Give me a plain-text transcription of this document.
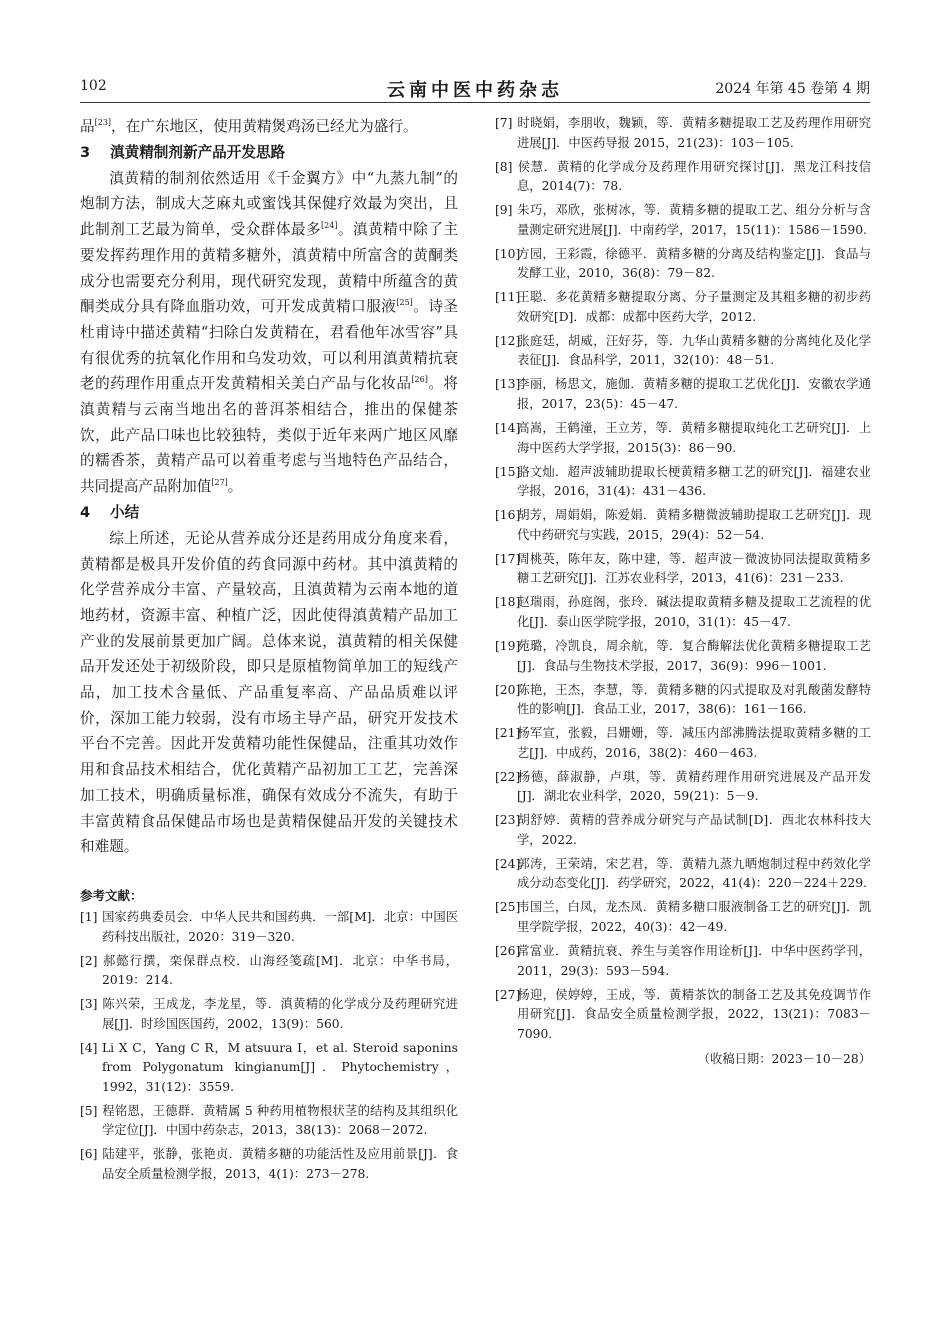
102	云南中医中药杂志	2024 年第 45 卷第 4 期

品[23]，在广东地区，使用黄精煲鸡汤已经尤为盛行。

3 滇黄精制剂新产品开发思路

滇黄精的制剂依然适用《千金翼方》中“九蒸九制”的炮制方法，制成大芝麻丸或蜜饯其保健疗效最为突出，且此制剂工艺最为简单，受众群体最多[24]。滇黄精中除了主要发挥药理作用的黄精多糖外，滇黄精中所富含的黄酮类成分也需要充分利用，现代研究发现，黄精中所蕴含的黄酮类成分具有降血脂功效，可开发成黄精口服液[25]。诗圣杜甫诗中描述黄精“扫除白发黄精在，君看他年冰雪容”具有很优秀的抗氧化作用和乌发功效，可以利用滇黄精抗衰老的药理作用重点开发黄精相关美白产品与化妆品[26]。将滇黄精与云南当地出名的普洱茶相结合，推出的保健茶饮，此产品口味也比较独特，类似于近年来两广地区风靡的糯香茶，黄精产品可以着重考虑与当地特色产品结合，共同提高产品附加值[27]。

4 小结

综上所述，无论从营养成分还是药用成分角度来看，黄精都是极具开发价值的药食同源中药材。其中滇黄精的化学营养成分丰富、产量较高，且滇黄精为云南本地的道地药材，资源丰富、种植广泛，因此使得滇黄精产品加工产业的发展前景更加广阔。总体来说，滇黄精的相关保健品开发还处于初级阶段，即只是原植物简单加工的短线产品，加工技术含量低、产品重复率高、产品品质难以评价，深加工能力较弱，没有市场主导产品，研究开发技术平台不完善。因此开发黄精功能性保健品，注重其功效作用和食品技术相结合，优化黄精产品初加工工艺，完善深加工技术，明确质量标准，确保有效成分不流失，有助于丰富黄精食品保健品市场也是黄精保健品开发的关键技术和难题。

参考文献：

[1] 国家药典委员会．中华人民共和国药典．一部[M]．北京：中国医药科技出版社，2020：319－320.

[2] 郝懿行撰，栾保群点校．山海经笺疏[M]．北京：中华书局，2019：214.

[3] 陈兴荣，王成龙，李龙星，等．滇黄精的化学成分及药理研究进展[J]．时珍国医国药，2002，13(9)：560.

[4] Li X C，Yang C R，M atsuura I，et al. Steroid saponins from Polygonatum kingianum[J]．Phytochemistry，1992，31(12)：3559.

[5] 程铭恩，王德群．黄精属 5 种药用植物根状茎的结构及其组织化学定位[J]．中国中药杂志，2013，38(13)：2068－2072.

[6] 陆建平，张静，张艳贞．黄精多糖的功能活性及应用前景[J]．食品安全质量检测学报，2013，4(1)：273－278.

[7] 时晓娟，李朋收，魏颖，等．黄精多糖提取工艺及药理作用研究进展[J]．中医药导报 2015，21(23)：103－105.

[8] 侯慧．黄精的化学成分及药理作用研究探讨[J]．黑龙江科技信息，2014(7)：78.

[9] 朱巧，邓欣，张树冰，等．黄精多糖的提取工艺、组分分析与含量测定研究进展[J]．中南药学，2017，15(11)：1586－1590.

[10]方园，王彩霞，徐德平．黄精多糖的分离及结构鉴定[J]．食品与发酵工业，2010，36(8)：79－82.

[11]王聪．多花黄精多糖提取分离、分子量测定及其粗多糖的初步药效研究[D]．成都：成都中医药大学，2012.

[12]张庭廷，胡威，汪好芬，等．九华山黄精多糖的分离纯化及化学表征[J]．食品科学，2011，32(10)：48－51.

[13]李丽，杨思文，施伽．黄精多糖的提取工艺优化[J]．安徽农学通报，2017，23(5)：45－47.

[14]高嵩，王鹤潼，王立芳，等．黄精多糖提取纯化工艺研究[J]．上海中医药大学学报，2015(3)：86－90.

[15]骆文灿．超声波辅助提取长梗黄精多糖工艺的研究[J]．福建农业学报，2016，31(4)：431－436.

[16]胡芳，周娟娟，陈爱娟．黄精多糖微波辅助提取工艺研究[J]．现代中药研究与实践，2015，29(4)：52－54.

[17]周桃英，陈年友，陈中建，等．超声波－微波协同法提取黄精多糖工艺研究[J]．江苏农业科学，2013，41(6)：231－233.

[18]赵瑞雨，孙庭阁，张玲．碱法提取黄精多糖及提取工艺流程的优化[J]．泰山医学院学报，2010，31(1)：45－47.

[19]苑璐，冷凯良，周余航，等．复合酶解法优化黄精多糖提取工艺[J]．食品与生物技术学报，2017，36(9)：996－1001.

[20]陈艳，王杰，李慧，等．黄精多糖的闪式提取及对乳酸菌发酵特性的影响[J]．食品工业，2017，38(6)：161－166.

[21]杨军宣，张毅，吕姗姗，等．减压内部沸腾法提取黄精多糖的工艺[J]．中成药，2016，38(2)：460－463.

[22]杨德，薛淑静，卢琪，等．黄精药理作用研究进展及产品开发[J]．湖北农业科学，2020，59(21)：5－9.

[23]胡舒婷．黄精的营养成分研究与产品试制[D]．西北农林科技大学，2022.

[24]郭涛，王荣靖，宋艺君，等．黄精九蒸九晒炮制过程中药效化学成分动态变化[J]．药学研究，2022，41(4)：220－224＋229.

[25]韦国兰，白凤，龙杰凤．黄精多糖口服液制备工艺的研究[J]．凯里学院学报，2022，40(3)：42－49.

[26]常富业．黄精抗衰、养生与美容作用诠析[J]．中华中医药学刊，2011，29(3)：593－594.

[27]杨迎，侯婷婷，王成，等．黄精茶饮的制备工艺及其免疫调节作用研究[J]．食品安全质量检测学报，2022，13(21)：7083－7090.

（收稿日期：2023－10－28）
